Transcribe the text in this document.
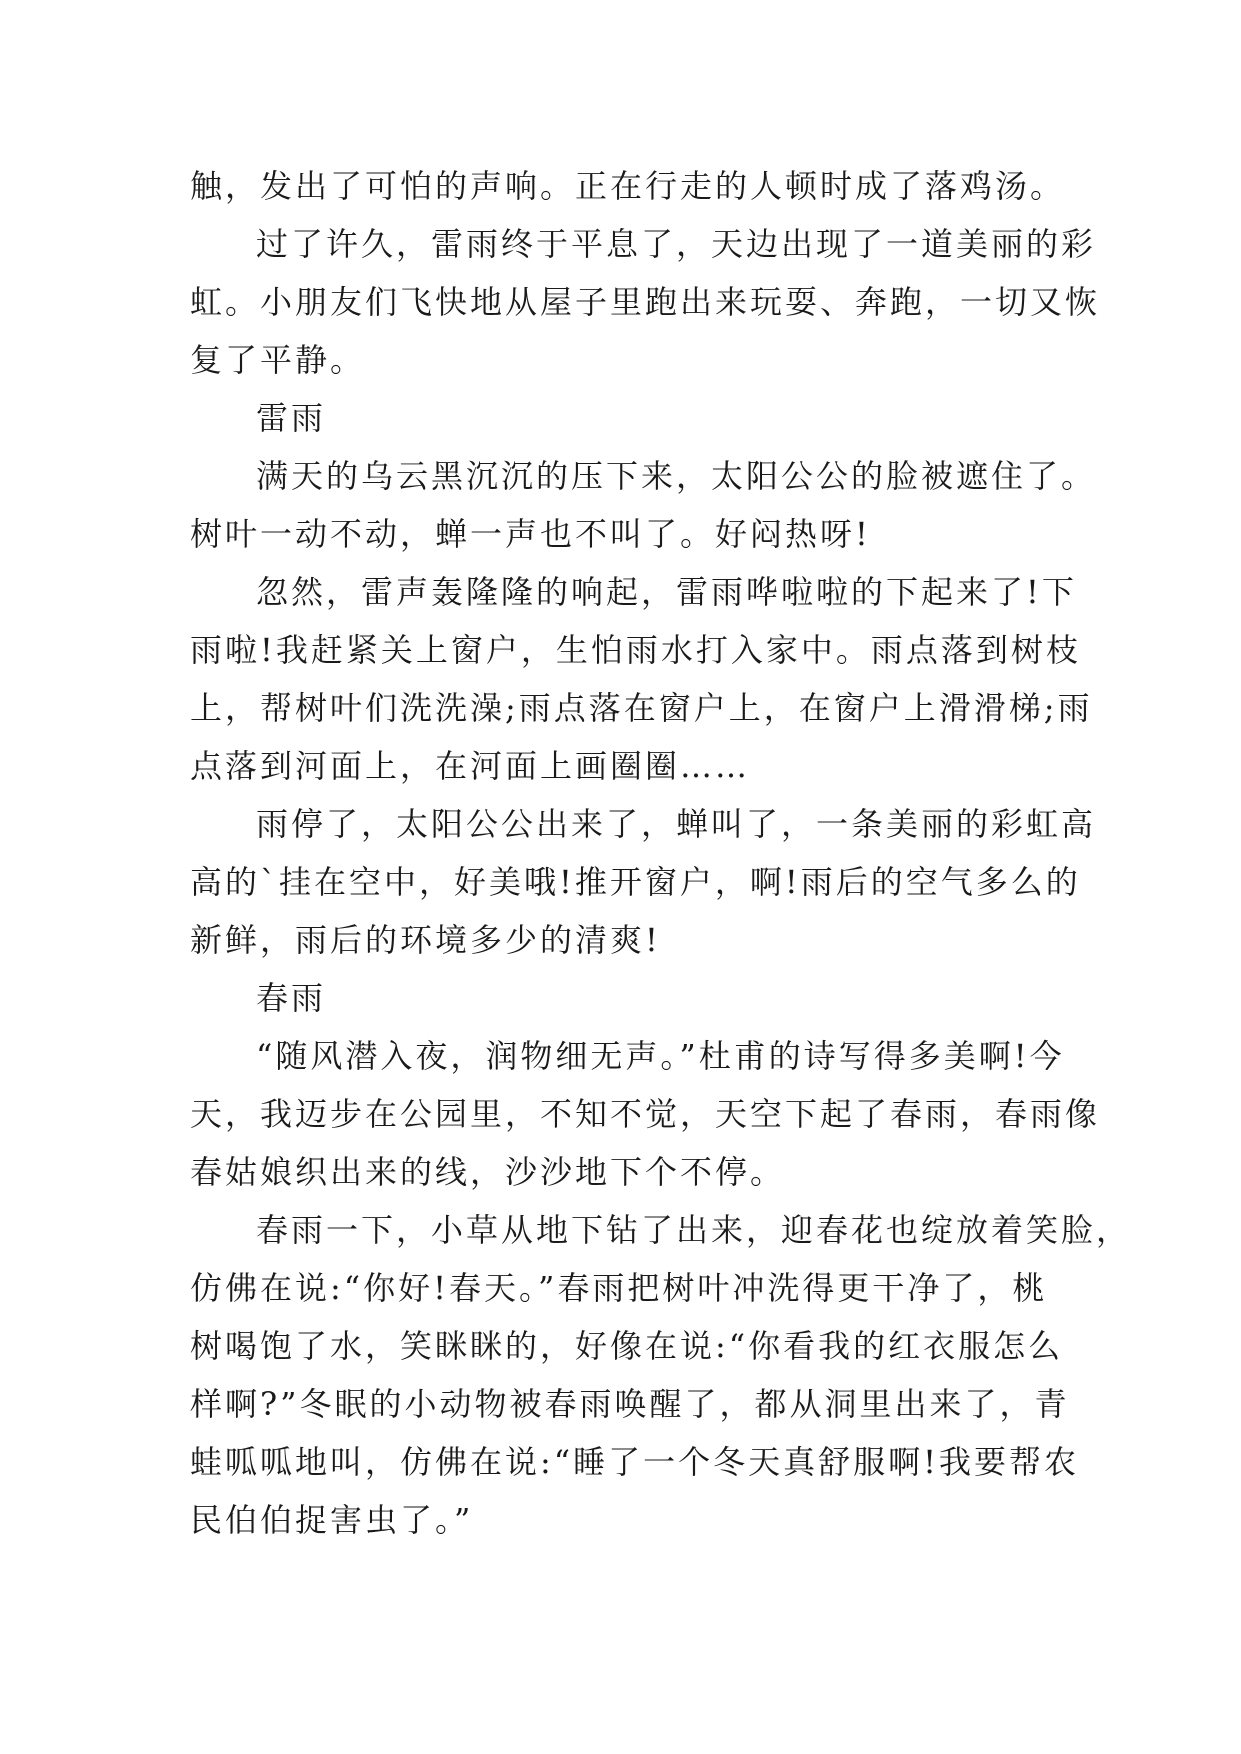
触，发出了可怕的声响。正在行走的人顿时成了落鸡汤。
过了许久，雷雨终于平息了，天边出现了一道美丽的彩
虹。小朋友们飞快地从屋子里跑出来玩耍、奔跑，一切又恢
复了平静。
雷雨
满天的乌云黑沉沉的压下来，太阳公公的脸被遮住了。
树叶一动不动，蝉一声也不叫了。好闷热呀!
忽然，雷声轰隆隆的响起，雷雨哗啦啦的下起来了!下
雨啦!我赶紧关上窗户，生怕雨水打入家中。雨点落到树枝
上，帮树叶们洗洗澡;雨点落在窗户上，在窗户上滑滑梯;雨
点落到河面上，在河面上画圈圈……
雨停了，太阳公公出来了，蝉叫了，一条美丽的彩虹高
高的`挂在空中，好美哦!推开窗户，啊!雨后的空气多么的
新鲜，雨后的环境多少的清爽!
春雨
“随风潜入夜，润物细无声。”杜甫的诗写得多美啊!今
天，我迈步在公园里，不知不觉，天空下起了春雨，春雨像
春姑娘织出来的线，沙沙地下个不停。
春雨一下，小草从地下钻了出来，迎春花也绽放着笑脸，
仿佛在说:“你好!春天。”春雨把树叶冲洗得更干净了，桃
树喝饱了水，笑眯眯的，好像在说:“你看我的红衣服怎么
样啊?”冬眠的小动物被春雨唤醒了，都从洞里出来了，青
蛙呱呱地叫，仿佛在说:“睡了一个冬天真舒服啊!我要帮农
民伯伯捉害虫了。”
